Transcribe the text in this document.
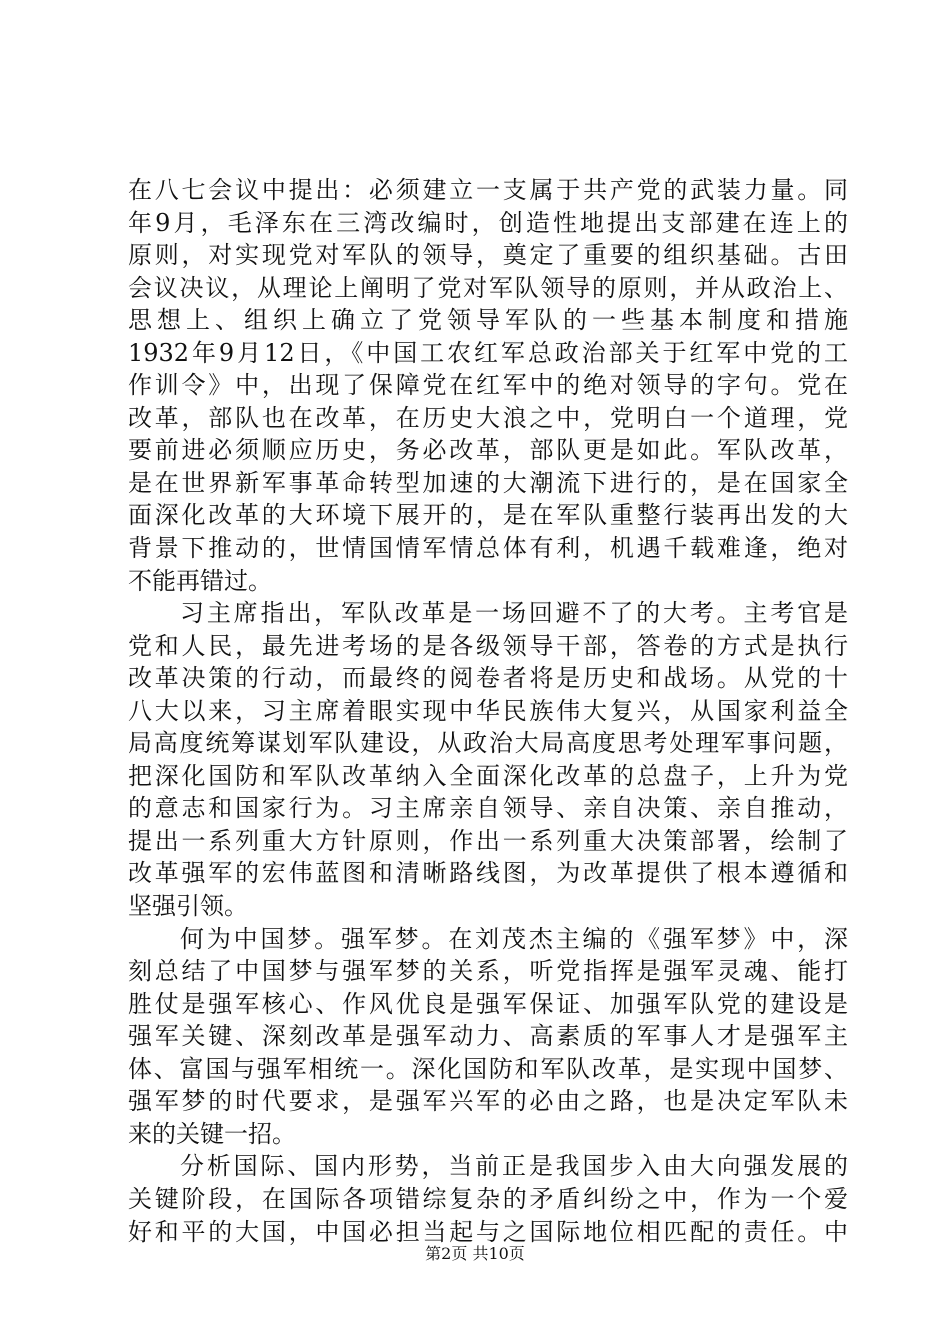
在八七会议中提出：必须建立一支属于共产党的武装力量。同
年9月，毛泽东在三湾改编时，创造性地提出支部建在连上的
原则，对实现党对军队的领导，奠定了重要的组织基础。古田
会议决议，从理论上阐明了党对军队领导的原则，并从政治上、
思想上、组织上确立了党领导军队的一些基本制度和措施
1932年9月12日，《中国工农红军总政治部关于红军中党的工
作训令》中，出现了保障党在红军中的绝对领导的字句。党在
改革，部队也在改革，在历史大浪之中，党明白一个道理，党
要前进必须顺应历史，务必改革，部队更是如此。军队改革，
是在世界新军事革命转型加速的大潮流下进行的，是在国家全
面深化改革的大环境下展开的，是在军队重整行装再出发的大
背景下推动的，世情国情军情总体有利，机遇千载难逢，绝对
不能再错过。
习主席指出，军队改革是一场回避不了的大考。主考官是
党和人民，最先进考场的是各级领导干部，答卷的方式是执行
改革决策的行动，而最终的阅卷者将是历史和战场。从党的十
八大以来，习主席着眼实现中华民族伟大复兴，从国家利益全
局高度统筹谋划军队建设，从政治大局高度思考处理军事问题，
把深化国防和军队改革纳入全面深化改革的总盘子，上升为党
的意志和国家行为。习主席亲自领导、亲自决策、亲自推动，
提出一系列重大方针原则，作出一系列重大决策部署，绘制了
改革强军的宏伟蓝图和清晰路线图，为改革提供了根本遵循和
坚强引领。
何为中国梦。强军梦。在刘茂杰主编的《强军梦》中，深
刻总结了中国梦与强军梦的关系，听党指挥是强军灵魂、能打
胜仗是强军核心、作风优良是强军保证、加强军队党的建设是
强军关键、深刻改革是强军动力、高素质的军事人才是强军主
体、富国与强军相统一。深化国防和军队改革，是实现中国梦、
强军梦的时代要求，是强军兴军的必由之路，也是决定军队未
来的关键一招。
分析国际、国内形势，当前正是我国步入由大向强发展的
关键阶段，在国际各项错综复杂的矛盾纠纷之中，作为一个爱
好和平的大国，中国必担当起与之国际地位相匹配的责任。中
第2页 共10页
